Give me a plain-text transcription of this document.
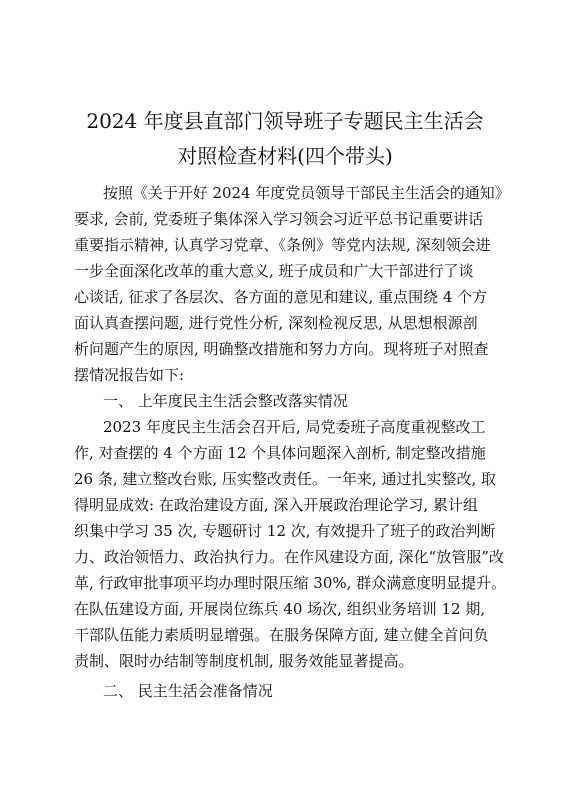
2024 年度县直部门领导班子专题民主生活会
对照检查材料(四个带头)
按照《关于开好 2024 年度党员领导干部民主生活会的通知》
要求, 会前, 党委班子集体深入学习领会习近平总书记重要讲话
重要指示精神, 认真学习党章、《条例》等党内法规, 深刻领会进
一步全面深化改革的重大意义, 班子成员和广大干部进行了谈
心谈话, 征求了各层次、各方面的意见和建议, 重点围绕 4 个方
面认真查摆问题, 进行党性分析, 深刻检视反思, 从思想根源剖
析问题产生的原因, 明确整改措施和努力方向。现将班子对照查
摆情况报告如下:
一、 上年度民主生活会整改落实情况
2023 年度民主生活会召开后, 局党委班子高度重视整改工
作, 对查摆的 4 个方面 12 个具体问题深入剖析, 制定整改措施
26 条, 建立整改台账, 压实整改责任。一年来, 通过扎实整改, 取
得明显成效: 在政治建设方面, 深入开展政治理论学习, 累计组
织集中学习 35 次, 专题研讨 12 次, 有效提升了班子的政治判断
力、政治领悟力、政治执行力。在作风建设方面, 深化“放管服”改
革, 行政审批事项平均办理时限压缩 30%, 群众满意度明显提升。
在队伍建设方面, 开展岗位练兵 40 场次, 组织业务培训 12 期,
干部队伍能力素质明显增强。在服务保障方面, 建立健全首问负
责制、限时办结制等制度机制, 服务效能显著提高。
二、 民主生活会准备情况
